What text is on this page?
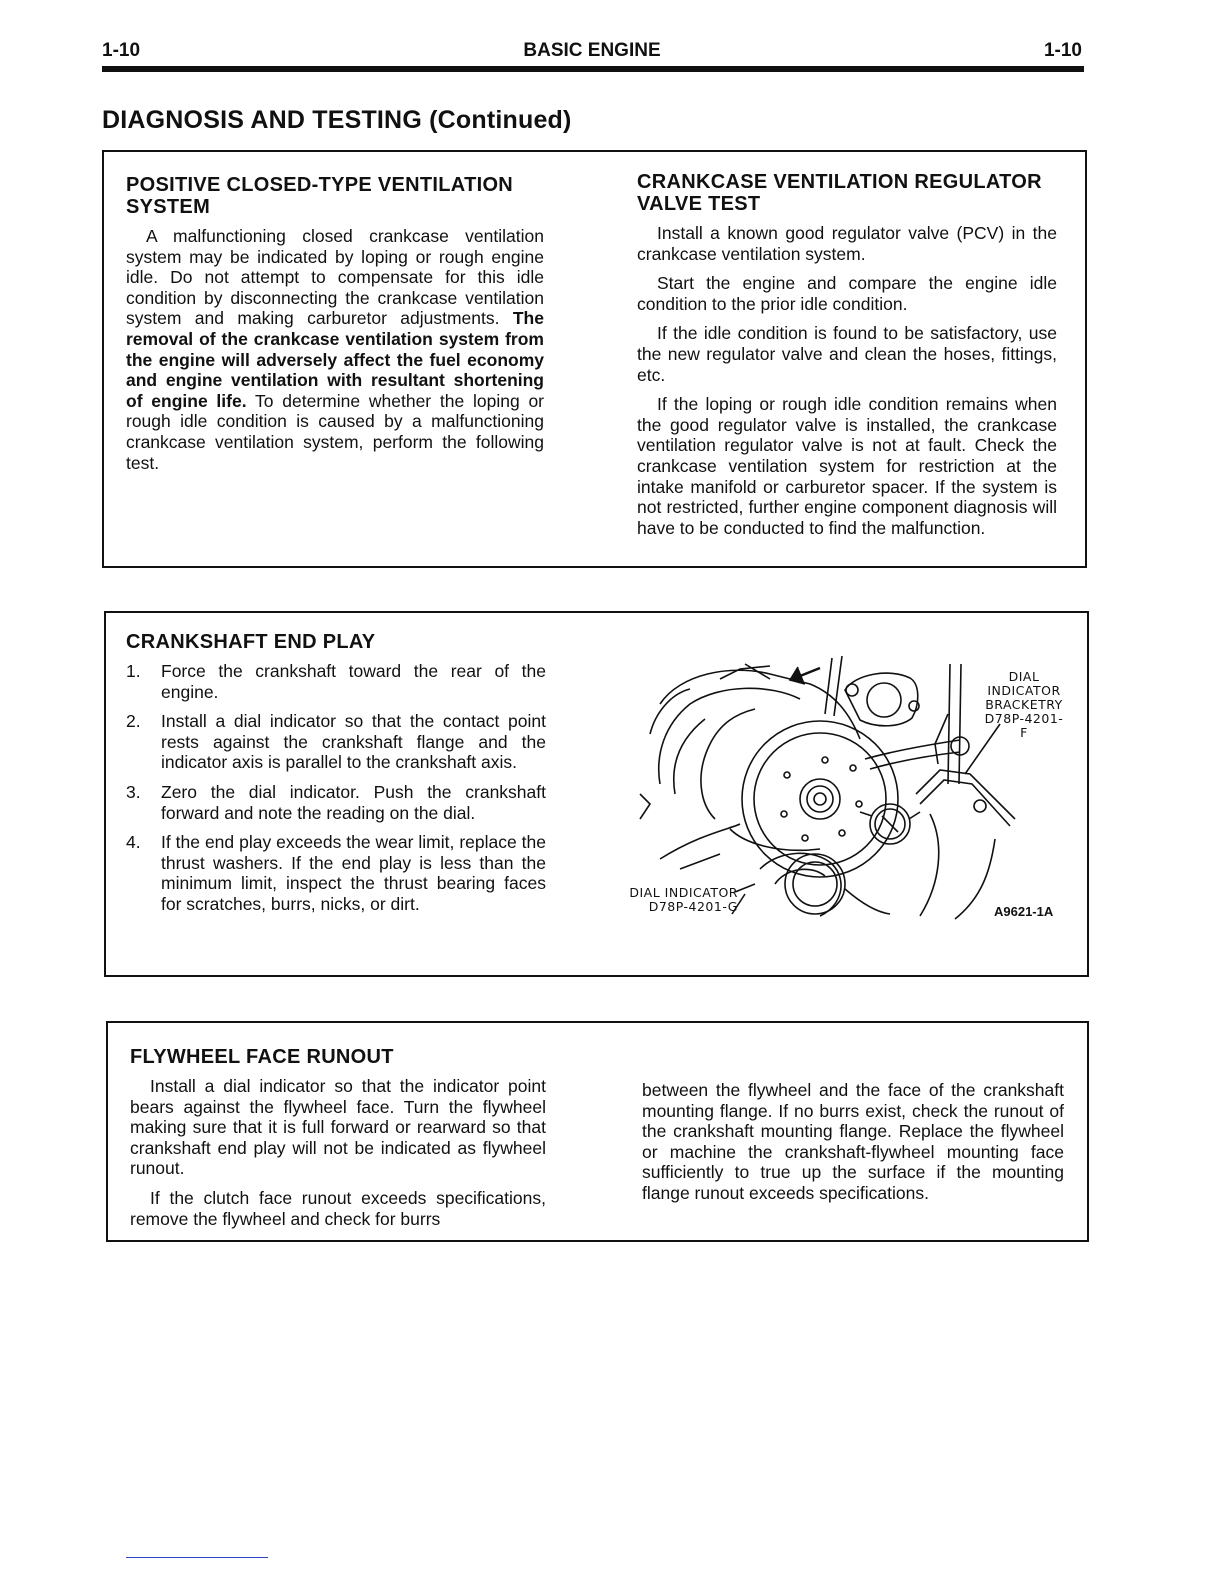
BASIC ENGINE
1-10	1-10
DIAGNOSIS AND TESTING (Continued)
POSITIVE CLOSED-TYPE VENTILATION SYSTEM

A malfunctioning closed crankcase ventilation system may be indicated by loping or rough engine idle. Do not attempt to compensate for this idle condition by disconnecting the crankcase ventilation system and making carburetor adjustments. The removal of the crankcase ventilation system from the engine will adversely affect the fuel economy and engine ventilation with resultant shortening of engine life. To determine whether the loping or rough idle condition is caused by a malfunctioning crankcase ventilation system, perform the following test.

CRANKCASE VENTILATION REGULATOR VALVE TEST

Install a known good regulator valve (PCV) in the crankcase ventilation system.

Start the engine and compare the engine idle condition to the prior idle condition.

If the idle condition is found to be satisfactory, use the new regulator valve and clean the hoses, fittings, etc.

If the loping or rough idle condition remains when the good regulator valve is installed, the crankcase ventilation regulator valve is not at fault. Check the crankcase ventilation system for restriction at the intake manifold or carburetor spacer. If the system is not restricted, further engine component diagnosis will have to be conducted to find the malfunction.

CRANKSHAFT END PLAY
1. Force the crankshaft toward the rear of the engine.
2. Install a dial indicator so that the contact point rests against the crankshaft flange and the indicator axis is parallel to the crankshaft axis.
3. Zero the dial indicator. Push the crankshaft forward and note the reading on the dial.
4. If the end play exceeds the wear limit, replace the thrust washers. If the end play is less than the minimum limit, inspect the thrust bearing faces for scratches, burrs, nicks, or dirt.
DIAL
INDICATOR
BRACKETRY
D78P-4201-F
DIAL INDICATOR
D78P-4201-G	A9621-1A
FLYWHEEL FACE RUNOUT

Install a dial indicator so that the indicator point bears against the flywheel face. Turn the flywheel making sure that it is full forward or rearward so that crankshaft end play will not be indicated as flywheel runout.

If the clutch face runout exceeds specifications, remove the flywheel and check for burrs

between the flywheel and the face of the crankshaft mounting flange. If no burrs exist, check the runout of the crankshaft mounting flange. Replace the flywheel or machine the crankshaft-flywheel mounting face sufficiently to true up the surface if the mounting flange runout exceeds specifications.
